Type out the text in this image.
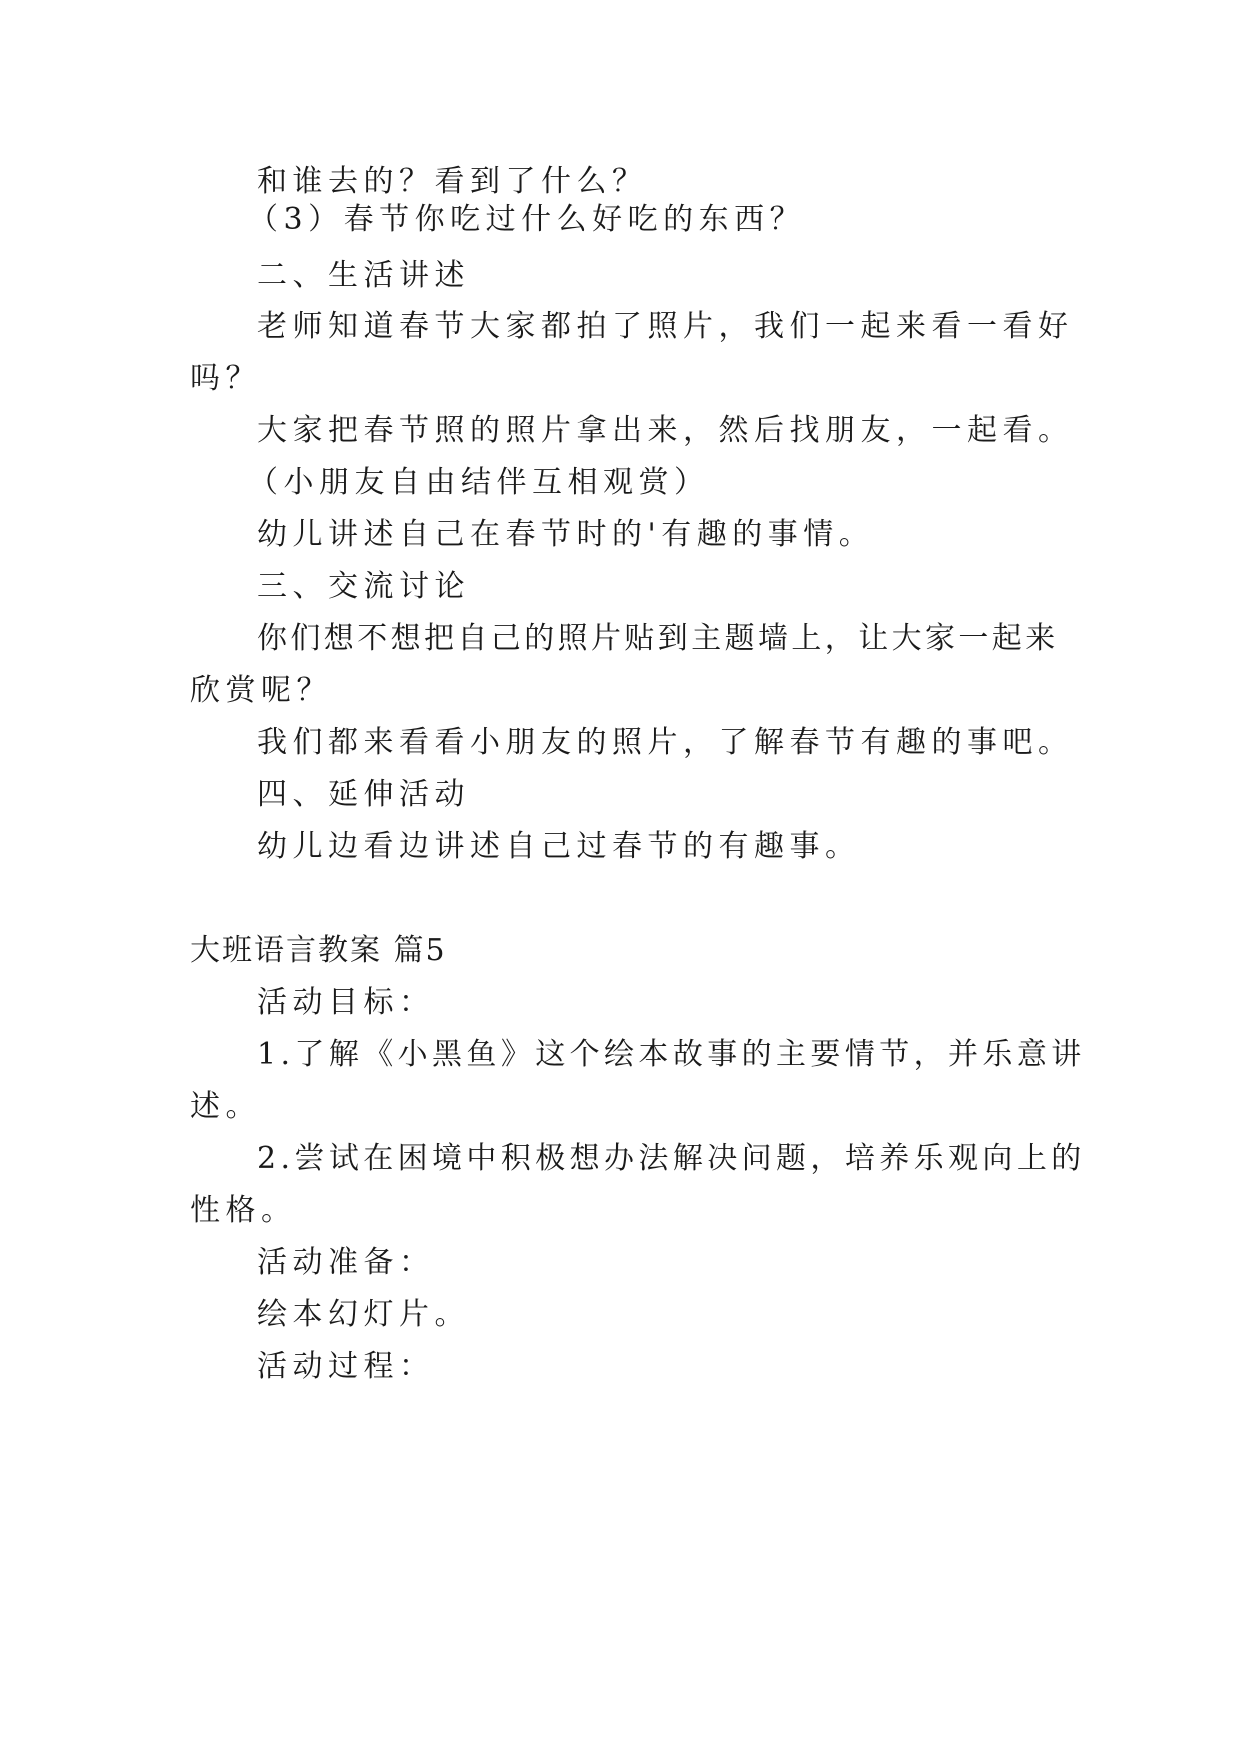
和谁去的？看到了什么？
（3）春节你吃过什么好吃的东西？
二、生活讲述
老师知道春节大家都拍了照片，我们一起来看一看好
吗？
大家把春节照的照片拿出来，然后找朋友，一起看。
（小朋友自由结伴互相观赏）
幼儿讲述自己在春节时的'有趣的事情。
三、交流讨论
你们想不想把自己的照片贴到主题墙上，让大家一起来
欣赏呢？
我们都来看看小朋友的照片，了解春节有趣的事吧。
四、延伸活动
幼儿边看边讲述自己过春节的有趣事。
大班语言教案 篇5
活动目标：
1.了解《小黑鱼》这个绘本故事的主要情节，并乐意讲
述。
2.尝试在困境中积极想办法解决问题，培养乐观向上的
性格。
活动准备：
绘本幻灯片。
活动过程：
